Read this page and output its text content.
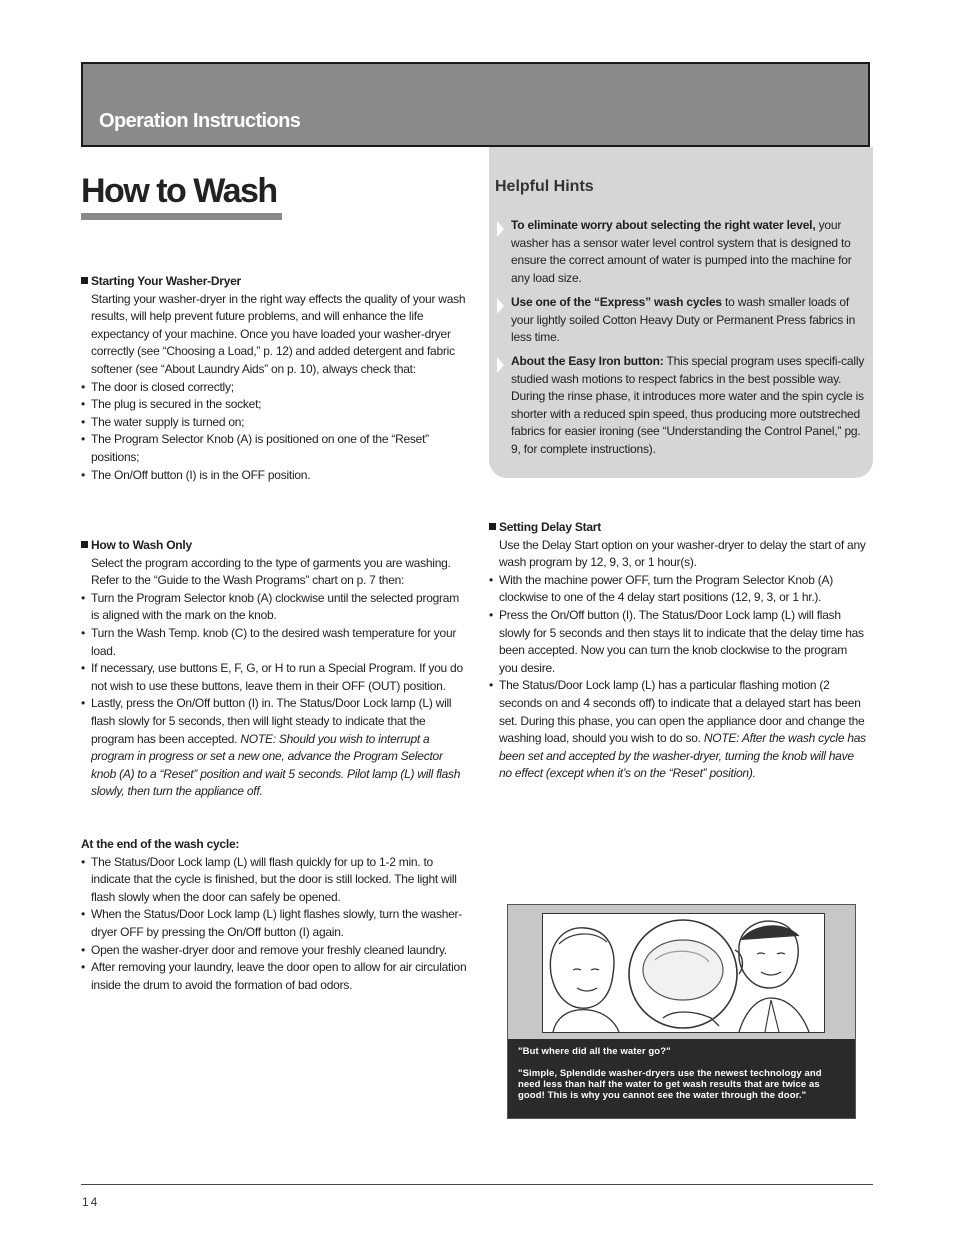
Operation Instructions
How to Wash	Helpful Hints
To eliminate worry about selecting the right water level, your washer has a sensor water level control system that is designed to ensure the correct amount of water is pumped into the machine for any load size.
Use one of the “Express” wash cycles to wash smaller loads of your lightly soiled Cotton Heavy Duty or Permanent Press fabrics in less time.
About the Easy Iron button: This special program uses specifi-cally studied wash motions to respect fabrics in the best possible way. During the rinse phase, it introduces more water and the spin cycle is shorter with a reduced spin speed, thus producing more outstreched fabrics for easier ironing (see “Understanding the Control Panel,” pg. 9, for complete instructions).
Starting Your Washer-Dryer
Starting your washer-dryer in the right way effects the quality of your wash results, will help prevent future problems, and will enhance the life expectancy of your machine. Once you have loaded your washer-dryer correctly (see “Choosing a Load,” p. 12) and added detergent and fabric softener (see “About Laundry Aids” on p. 10), always check that:
• The door is closed correctly;
• The plug is secured in the socket;
• The water supply is turned on;
• The Program Selector Knob (A) is positioned on one of the “Reset” positions;
• The On/Off button (I) is in the OFF position.
How to Wash Only
Select the program according to the type of garments you are washing. Refer to the “Guide to the Wash Programs” chart on p. 7 then:
• Turn the Program Selector knob (A) clockwise until the selected program is aligned with the mark on the knob.
• Turn the Wash Temp. knob (C) to the desired wash temperature for your load.
• If necessary, use buttons E, F, G, or H to run a Special Program. If you do not wish to use these buttons, leave them in their OFF (OUT) position.
• Lastly, press the On/Off button (I) in. The Status/Door Lock lamp (L) will flash slowly for 5 seconds, then will light steady to indicate that the program has been accepted. NOTE: Should you wish to interrupt a program in progress or set a new one, advance the Program Selector knob (A) to a “Reset” position and wait 5 seconds. Pilot lamp (L) will flash slowly, then turn the appliance off.
At the end of the wash cycle:
• The Status/Door Lock lamp (L) will flash quickly for up to 1-2 min. to indicate that the cycle is finished, but the door is still locked. The light will flash slowly when the door can safely be opened.
• When the Status/Door Lock lamp (L) light flashes slowly, turn the washer-dryer OFF by pressing the On/Off button (I) again.
• Open the washer-dryer door and remove your freshly cleaned laundry.
• After removing your laundry, leave the door open to allow for air circulation inside the drum to avoid the formation of bad odors.
Setting Delay Start
Use the Delay Start option on your washer-dryer to delay the start of any wash program by 12, 9, 3, or 1 hour(s).
• With the machine power OFF, turn the Program Selector Knob (A) clockwise to one of the 4 delay start positions (12, 9, 3, or 1 hr.).
• Press the On/Off button (I). The Status/Door Lock lamp (L) will flash slowly for 5 seconds and then stays lit to indicate that the delay time has been accepted. Now you can turn the knob clockwise to the program you desire.
• The Status/Door Lock lamp (L) has a particular flashing motion (2 seconds on and 4 seconds off) to indicate that a delayed start has been set. During this phase, you can open the appliance door and change the washing load, should you wish to do so. NOTE: After the wash cycle has been set and accepted by the washer-dryer, turning the knob will have no effect (except when it’s on the “Reset” position).

"But where did all the water go?"

"Simple, Splendide washer-dryers use the newest technology and need less than half the water to get wash results that are twice as good! This is why you cannot see the water through the door."

14
